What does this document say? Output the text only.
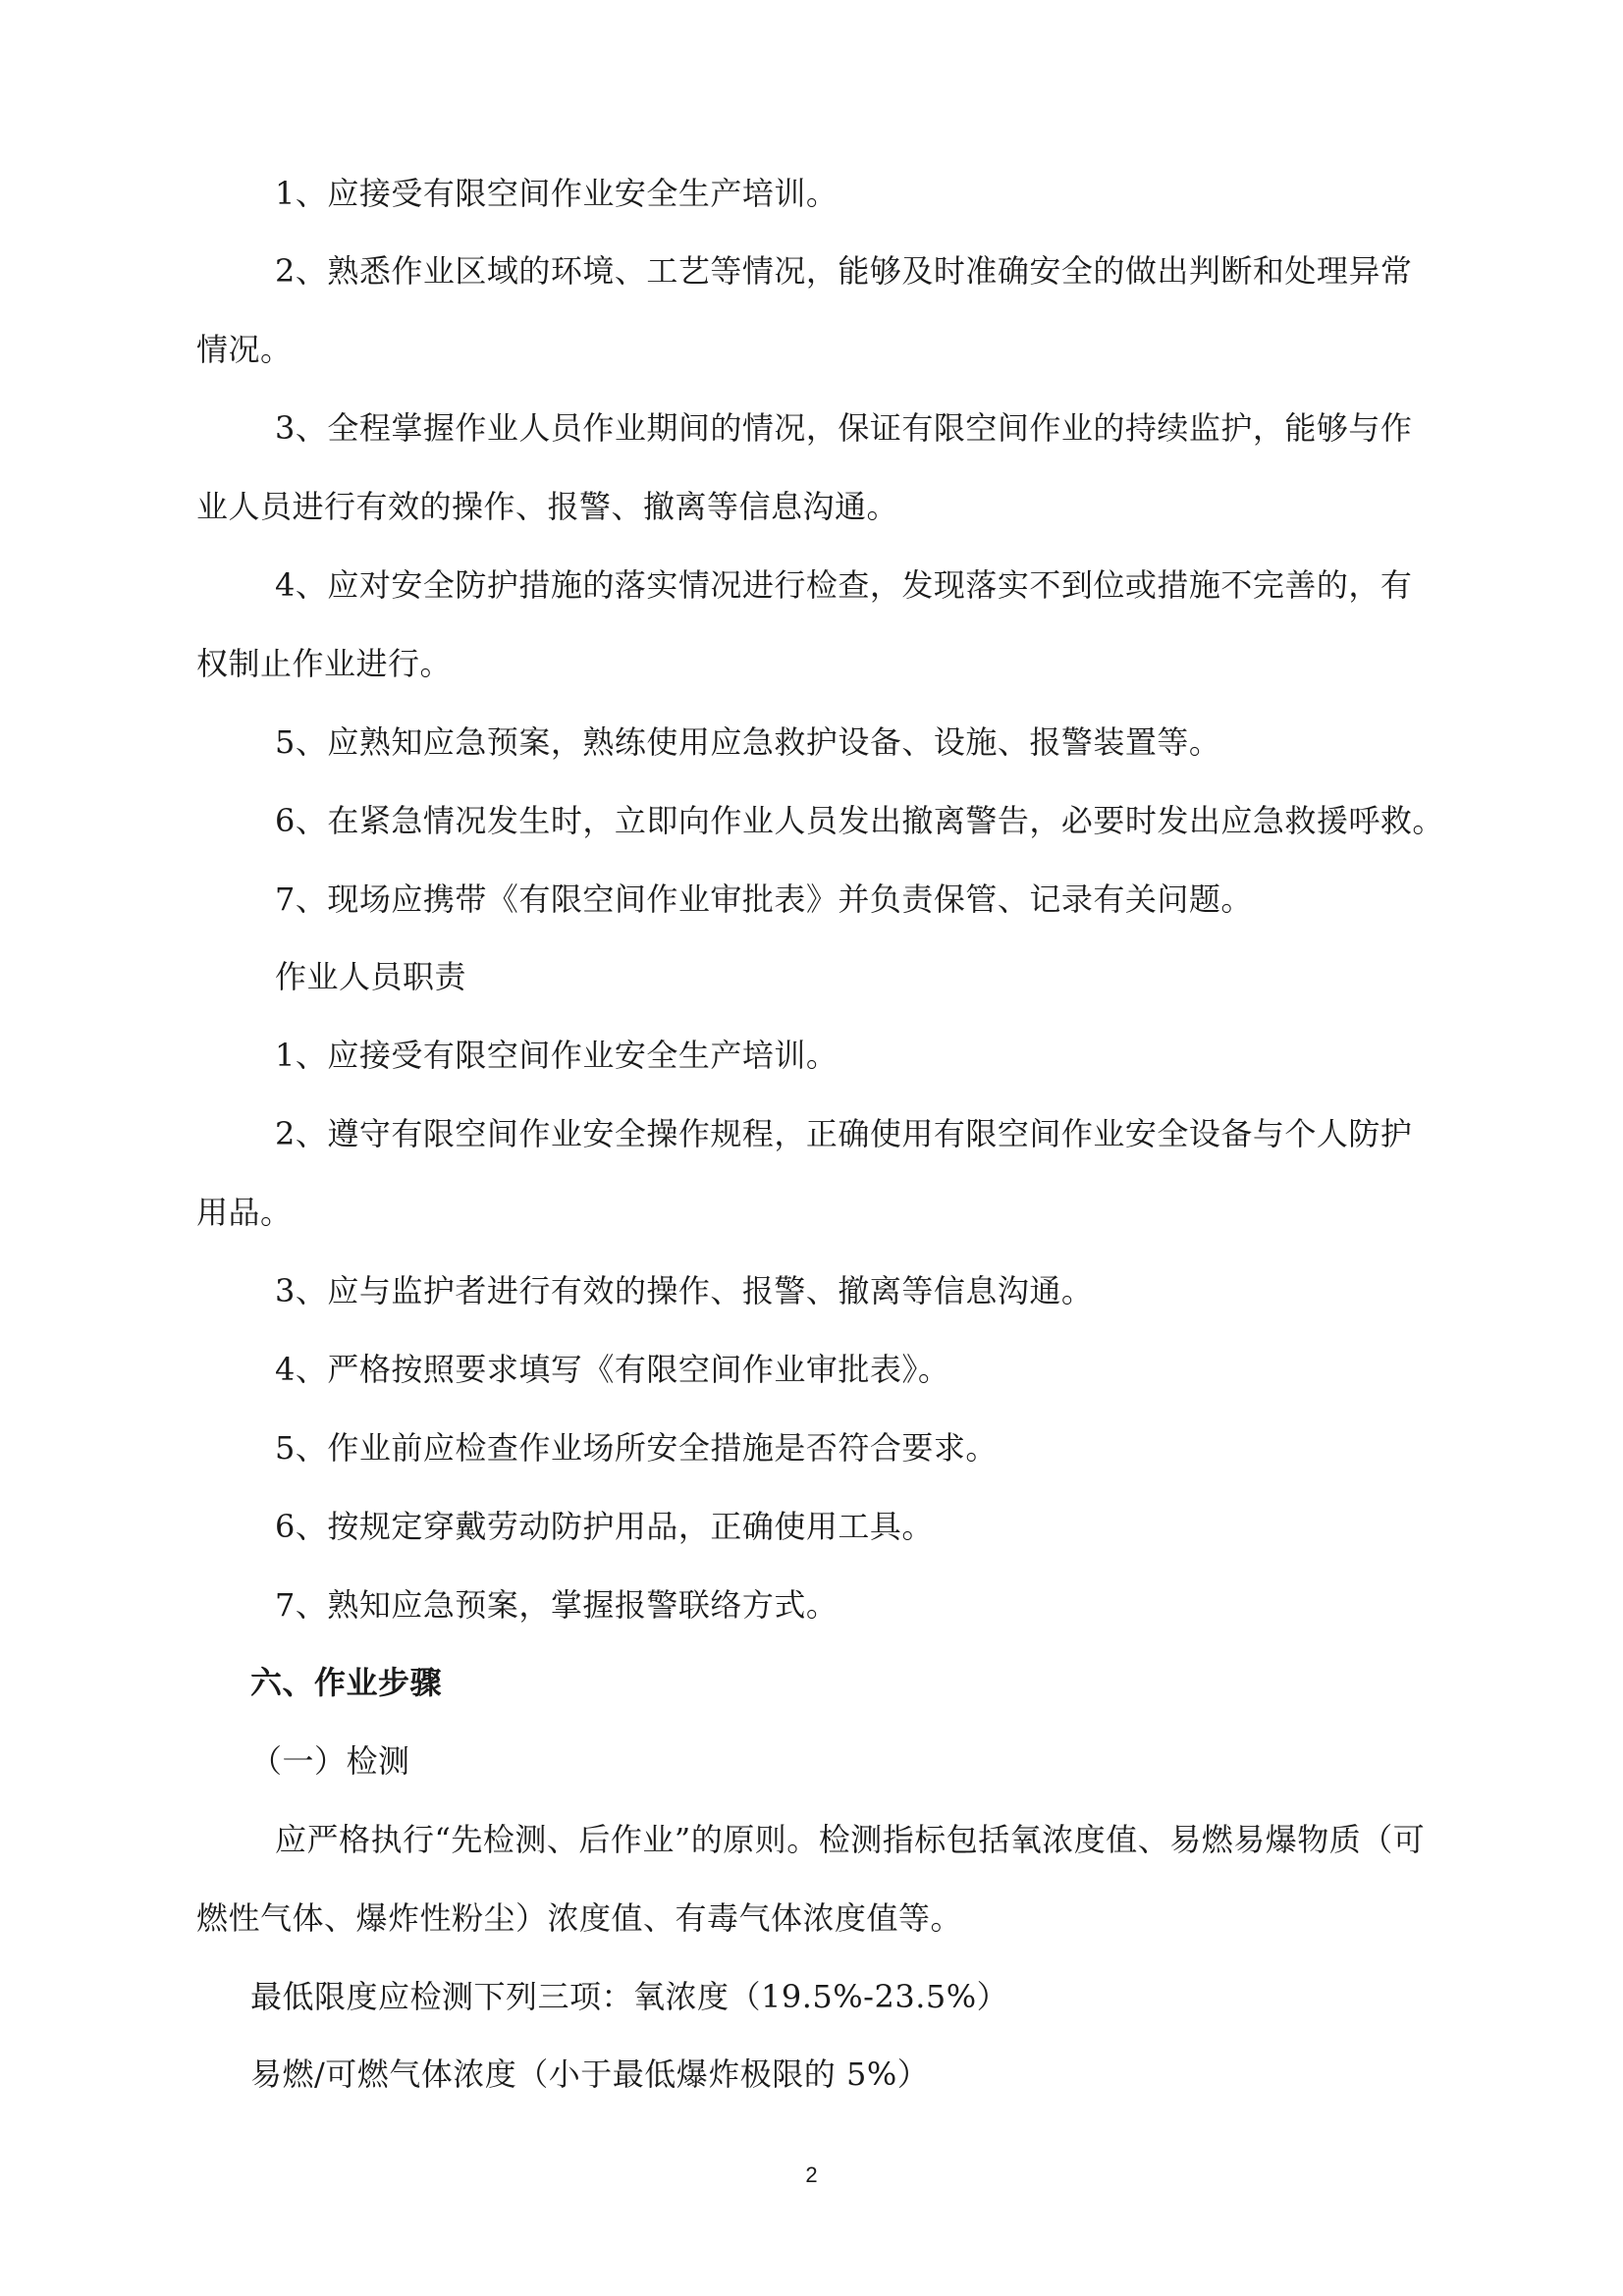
1、应接受有限空间作业安全生产培训。
2、熟悉作业区域的环境、工艺等情况，能够及时准确安全的做出判断和处理异常
情况。
3、全程掌握作业人员作业期间的情况，保证有限空间作业的持续监护，能够与作
业人员进行有效的操作、报警、撤离等信息沟通。
4、应对安全防护措施的落实情况进行检查，发现落实不到位或措施不完善的，有
权制止作业进行。
5、应熟知应急预案，熟练使用应急救护设备、设施、报警装置等。
6、在紧急情况发生时，立即向作业人员发出撤离警告，必要时发出应急救援呼救。
7、现场应携带《有限空间作业审批表》并负责保管、记录有关问题。
作业人员职责
1、应接受有限空间作业安全生产培训。
2、遵守有限空间作业安全操作规程，正确使用有限空间作业安全设备与个人防护
用品。
3、应与监护者进行有效的操作、报警、撤离等信息沟通。
4、严格按照要求填写《有限空间作业审批表》。
5、作业前应检查作业场所安全措施是否符合要求。
6、按规定穿戴劳动防护用品，正确使用工具。
7、熟知应急预案，掌握报警联络方式。
六、作业步骤
（一）检测
应严格执行“先检测、后作业”的原则。检测指标包括氧浓度值、易燃易爆物质（可
燃性气体、爆炸性粉尘）浓度值、有毒气体浓度值等。
最低限度应检测下列三项：氧浓度（19.5%-23.5%）
易燃/可燃气体浓度（小于最低爆炸极限的 5%）
2
